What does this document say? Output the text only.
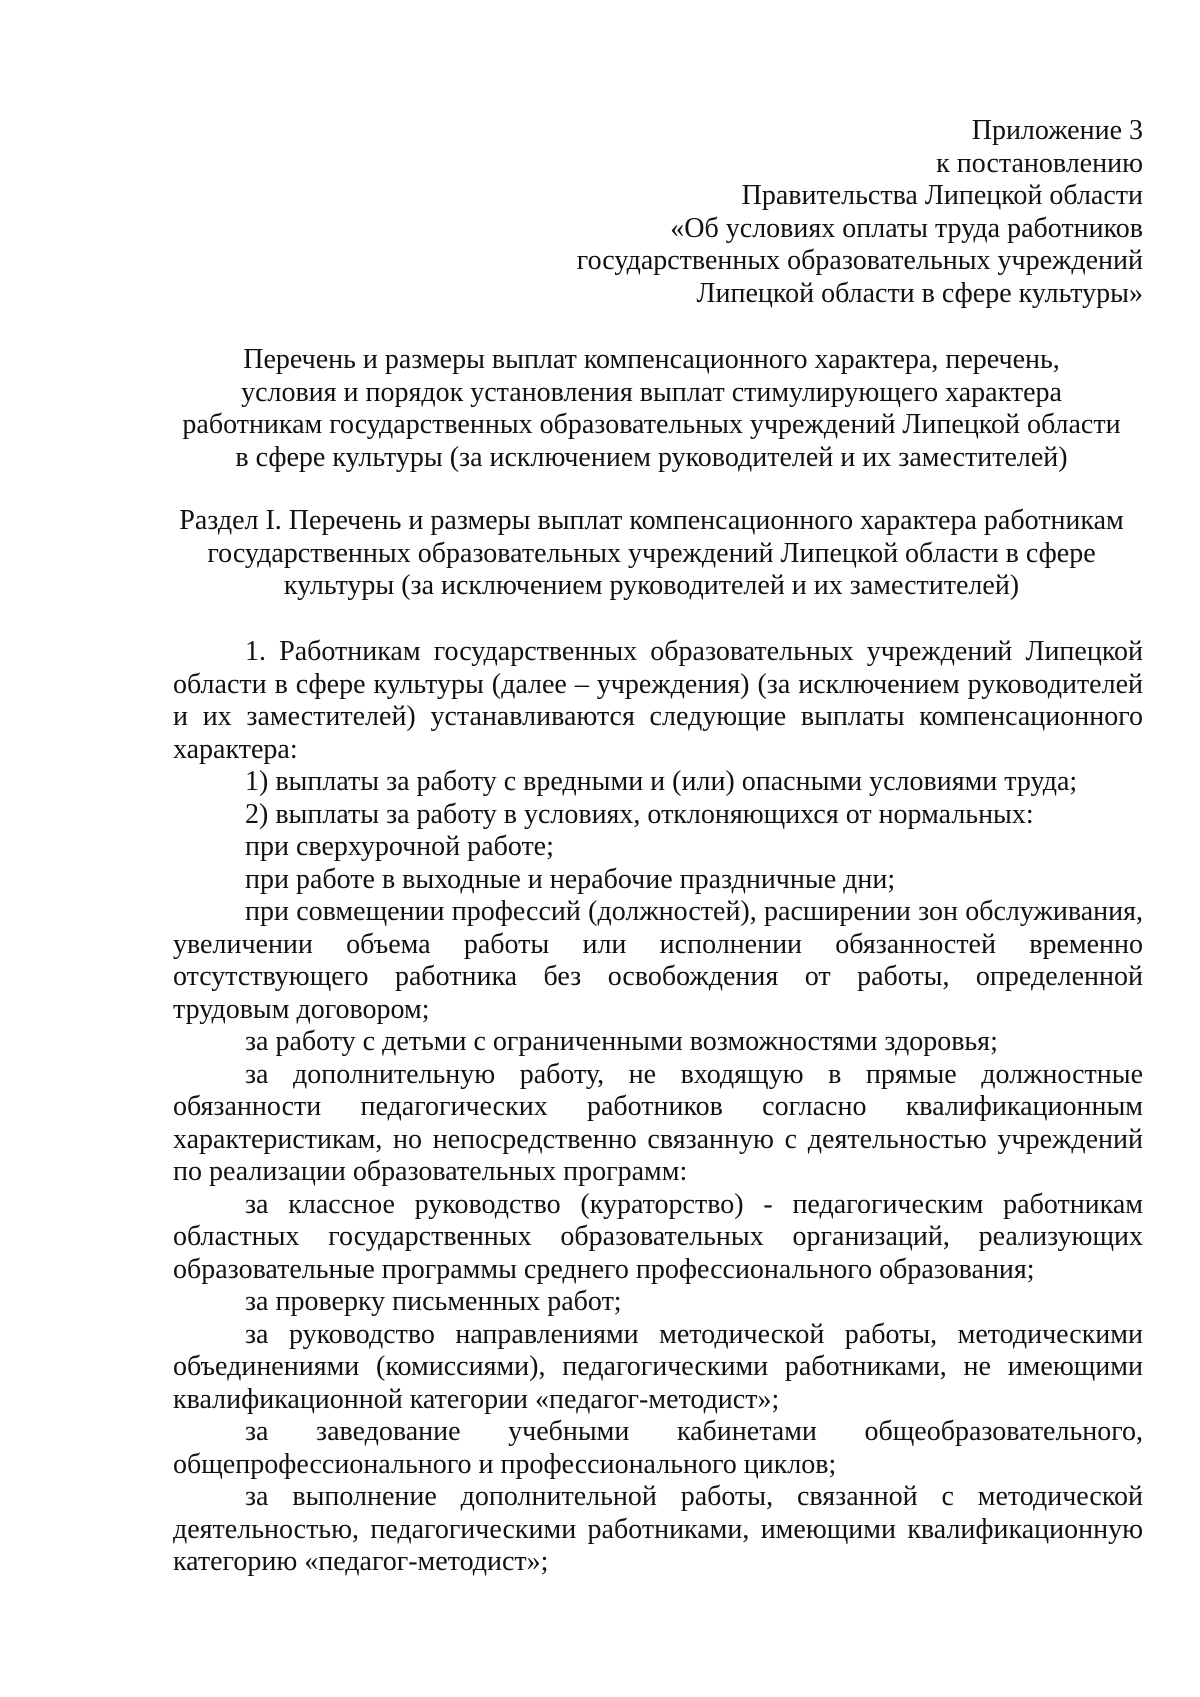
Приложение 3
к постановлению
Правительства Липецкой области
«Об условиях оплаты труда работников
государственных образовательных учреждений
Липецкой области в сфере культуры»
Перечень и размеры выплат компенсационного характера, перечень,
условия и порядок установления выплат стимулирующего характера
работникам государственных образовательных учреждений Липецкой области
в сфере культуры (за исключением руководителей и их заместителей)
Раздел I. Перечень и размеры выплат компенсационного характера работникам
государственных образовательных учреждений Липецкой области в сфере
культуры (за исключением руководителей и их заместителей)

1. Работникам государственных образовательных учреждений Липецкой области в сфере культуры (далее – учреждения) (за исключением руководителей и их заместителей) устанавливаются следующие выплаты компенсационного характера:

1) выплаты за работу с вредными и (или) опасными условиями труда;

2) выплаты за работу в условиях, отклоняющихся от нормальных:

при сверхурочной работе;

при работе в выходные и нерабочие праздничные дни;

при совмещении профессий (должностей), расширении зон обслуживания, увеличении объема работы или исполнении обязанностей временно отсутствующего работника без освобождения от работы, определенной трудовым договором;

за работу с детьми с ограниченными возможностями здоровья;

за дополнительную работу, не входящую в прямые должностные обязанности педагогических работников согласно квалификационным характеристикам, но непосредственно связанную с деятельностью учреждений по реализации образовательных программ:

за классное руководство (кураторство) - педагогическим работникам областных государственных образовательных организаций, реализующих образовательные программы среднего профессионального образования;

за проверку письменных работ;

за руководство направлениями методической работы, методическими объединениями (комиссиями), педагогическими работниками, не имеющими квалификационной категории «педагог-методист»;

за заведование учебными кабинетами общеобразовательного, общепрофессионального и профессионального циклов;

за выполнение дополнительной работы, связанной с методической деятельностью, педагогическими работниками, имеющими квалификационную категорию «педагог-методист»;
